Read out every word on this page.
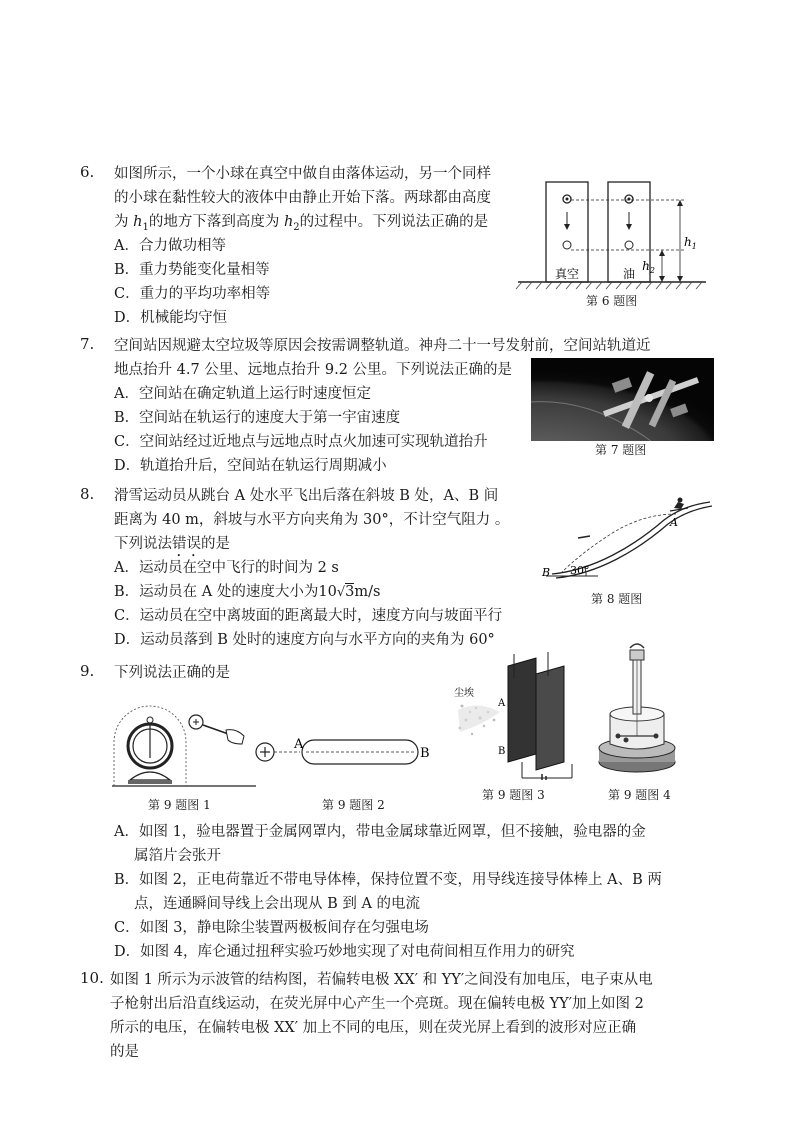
6. 如图所示，一个小球在真空中做自由落体运动，另一个同样
的小球在黏性较大的液体中由静止开始下落。两球都由高度
为 $h_1$的地方下落到高度为 $h_2$的过程中。下列说法正确的是
A．合力做功相等
B．重力势能变化量相等
C．重力的平均功率相等
D．机械能均守恒
$h_1$
$h_2$
真空	油
第 6 题图
7. 空间站因规避太空垃圾等原因会按需调整轨道。神舟二十一号发射前，空间站轨道近
地点抬升 4.7 公里、远地点抬升 9.2 公里。下列说法正确的是
A．空间站在确定轨道上运行时速度恒定
B．空间站在轨运行的速度大于第一宇宙速度
C．空间站经过近地点与远地点时点火加速可实现轨道抬升
D．轨道抬升后，空间站在轨运行周期减小
第 7 题图
8. 滑雪运动员从跳台 A 处水平飞出后落在斜坡 B 处，A、B 间
距离为 40 m，斜坡与水平方向夹角为 30°，不计空气阻力 。
下列说法错误的是
A．运动员在空中飞行的时间为 2 s
B．运动员在 A 处的速度大小为10√3m/s
C．运动员在空中离坡面的距离最大时，速度方向与坡面平行
D．运动员落到 B 处时的速度方向与水平方向的夹角为 60°
A
B 30°
第 8 题图
9. 下列说法正确的是
第 9 题图 1
A
B
第 9 题图 2
尘埃
A
B
第 9 题图 3	第 9 题图 4
A．如图 1，验电器置于金属网罩内，带电金属球靠近网罩，但不接触，验电器的金
属箔片会张开
B．如图 2，正电荷靠近不带电导体棒，保持位置不变，用导线连接导体棒上 A、B 两
点，连通瞬间导线上会出现从 B 到 A 的电流
C．如图 3，静电除尘装置两极板间存在匀强电场
D．如图 4，库仑通过扭秤实验巧妙地实现了对电荷间相互作用力的研究
10. 如图 1 所示为示波管的结构图，若偏转电极 XX′ 和 YY′之间没有加电压，电子束从电
子枪射出后沿直线运动，在荧光屏中心产生一个亮斑。现在偏转电极 YY′加上如图 2
所示的电压，在偏转电极 XX′ 加上不同的电压，则在荧光屏上看到的波形对应正确
的是
